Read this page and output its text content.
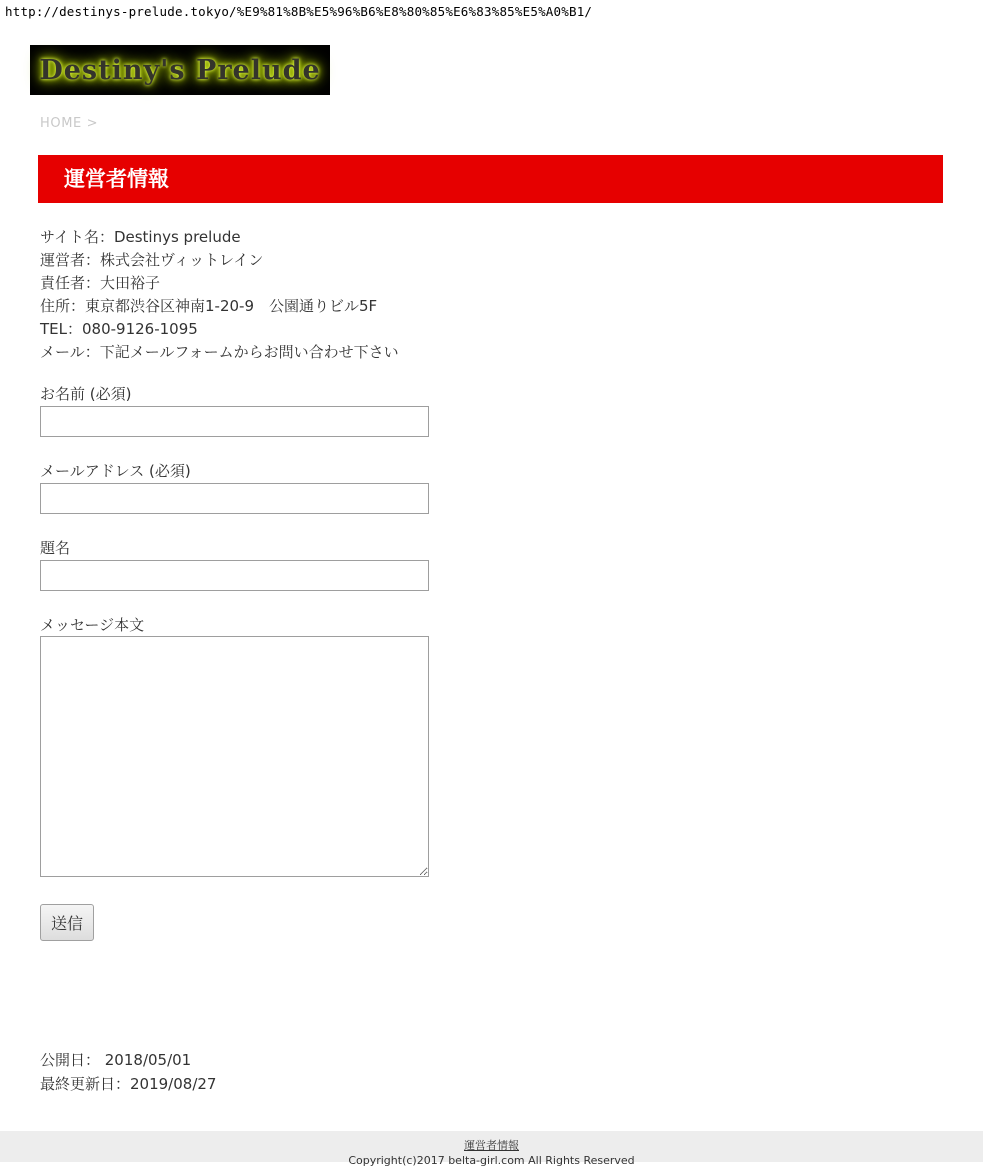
http://destinys-prelude.tokyo/%E9%81%8B%E5%96%B6%E8%80%85%E6%83%85%E5%A0%B1/
Destiny's Prelude
HOME >
運営者情報

サイト名：Destinys prelude

運営者：株式会社ヴィットレイン

責任者：大田裕子

住所：東京都渋谷区神南1-20-9　公園通りビル5F

TEL：080-9126-1095

メール：下記メールフォームからお問い合わせ下さい

お名前 (必須)
メールアドレス (必須)
題名
メッセージ本文
送信

公開日： 2018/05/01

最終更新日：2019/08/27

運営者情報
Copyright(c)2017 belta-girl.com All Rights Reserved
